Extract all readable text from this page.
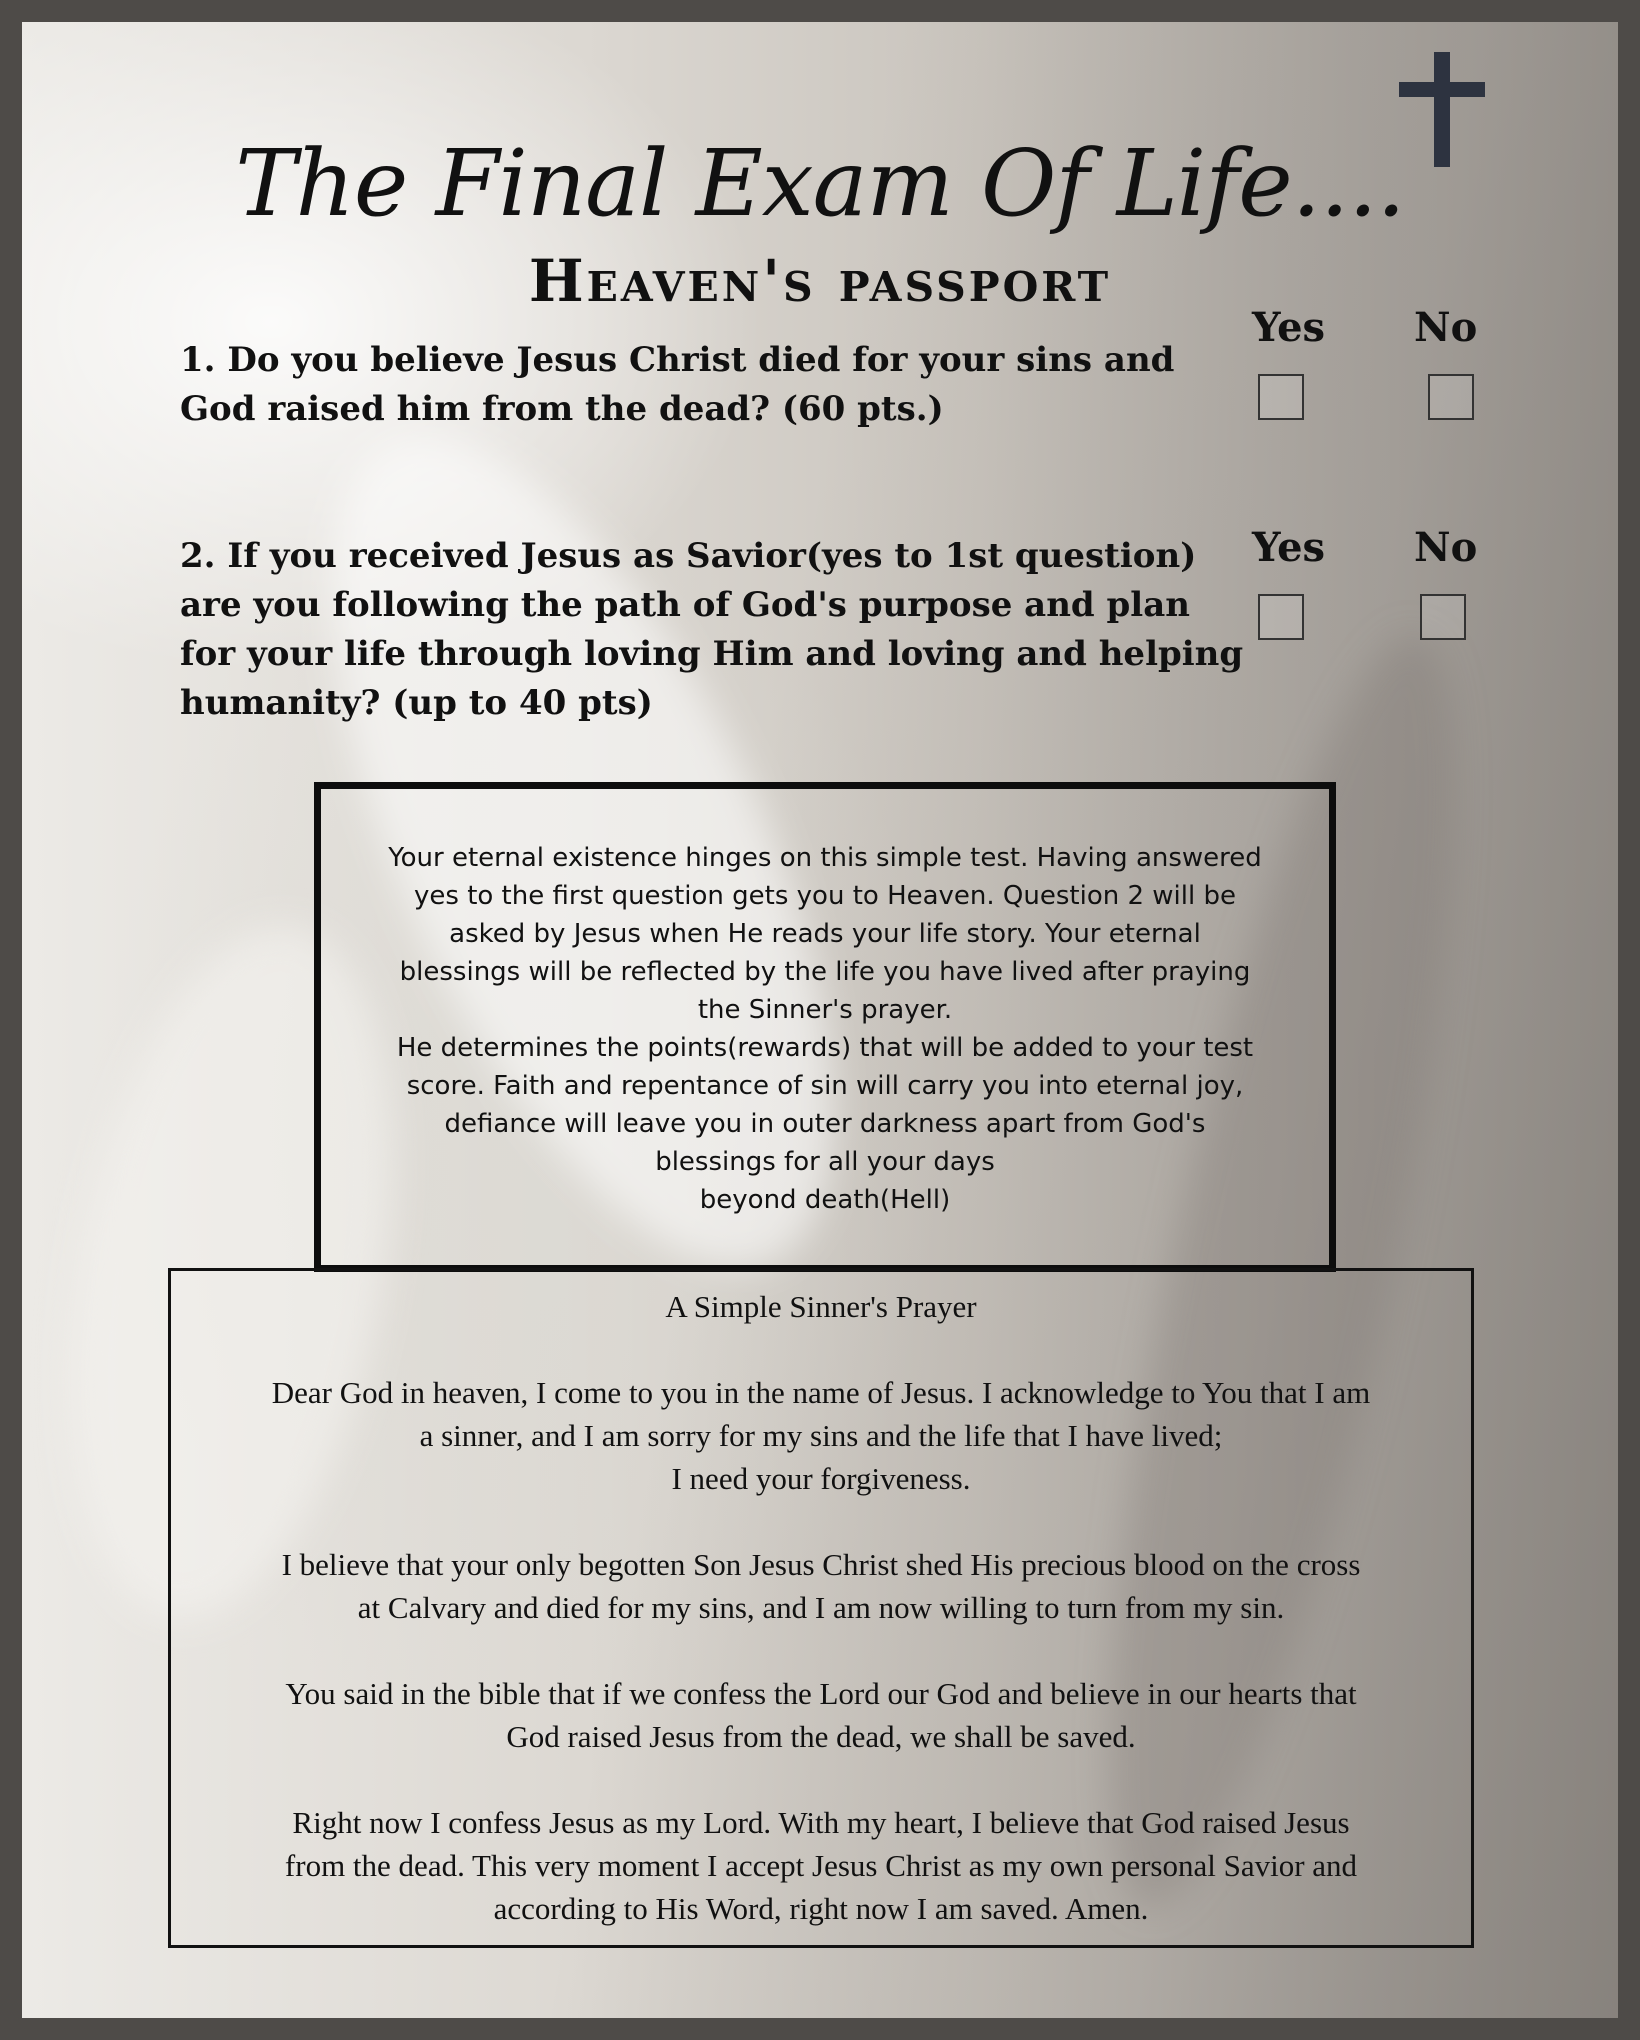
The Final Exam Of Life....
Heaven's passport
1. Do you believe Jesus Christ died for your sins and
God raised him from the dead? (60 pts.)
Yes No
2. If you received Jesus as Savior(yes to 1st question)
are you following the path of God's purpose and plan
for your life through loving Him and loving and helping
humanity? (up to 40 pts)
Yes No

Your eternal existence hinges on this simple test. Having answered

yes to the first question gets you to Heaven. Question 2 will be

asked by Jesus when He reads your life story. Your eternal

blessings will be reflected by the life you have lived after praying

the Sinner's prayer.

He determines the points(rewards) that will be added to your test

score. Faith and repentance of sin will carry you into eternal joy,

defiance will leave you in outer darkness apart from God's

blessings for all your days

beyond death(Hell)

A Simple Sinner's Prayer

Dear God in heaven, I come to you in the name of Jesus. I acknowledge to You that I am
a sinner, and I am sorry for my sins and the life that I have lived;
I need your forgiveness.

I believe that your only begotten Son Jesus Christ shed His precious blood on the cross
at Calvary and died for my sins, and I am now willing to turn from my sin.

You said in the bible that if we confess the Lord our God and believe in our hearts that
God raised Jesus from the dead, we shall be saved.

Right now I confess Jesus as my Lord. With my heart, I believe that God raised Jesus
from the dead. This very moment I accept Jesus Christ as my own personal Savior and
according to His Word, right now I am saved. Amen.
